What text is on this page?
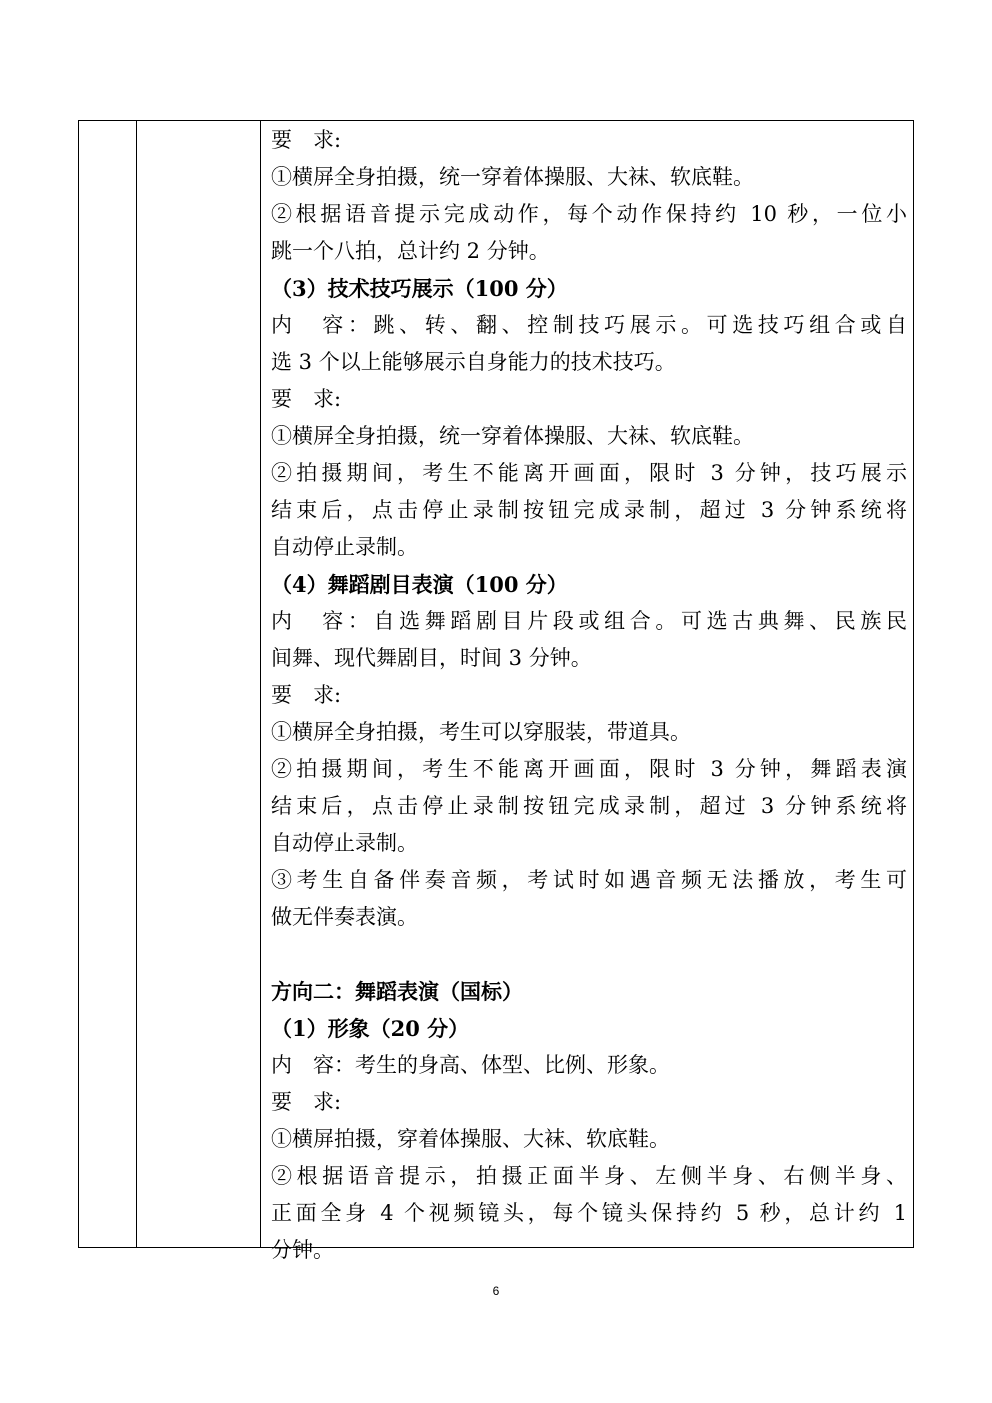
要　求:
①横屏全身拍摄，统一穿着体操服、大袜、软底鞋。
②根据语音提示完成动作，每个动作保持约 10 秒，一位小
跳一个八拍，总计约 2 分钟。
（3）技术技巧展示（100 分）
内　容：跳、转、翻、控制技巧展示。可选技巧组合或自
选 3 个以上能够展示自身能力的技术技巧。
要　求:
①横屏全身拍摄，统一穿着体操服、大袜、软底鞋。
②拍摄期间，考生不能离开画面，限时 3 分钟，技巧展示
结束后，点击停止录制按钮完成录制，超过 3 分钟系统将
自动停止录制。
（4）舞蹈剧目表演（100 分）
内　容：自选舞蹈剧目片段或组合。可选古典舞、民族民
间舞、现代舞剧目，时间 3 分钟。
要　求:
①横屏全身拍摄，考生可以穿服装，带道具。
②拍摄期间，考生不能离开画面，限时 3 分钟，舞蹈表演
结束后，点击停止录制按钮完成录制，超过 3 分钟系统将
自动停止录制。
③考生自备伴奏音频，考试时如遇音频无法播放，考生可
做无伴奏表演。
方向二：舞蹈表演（国标）
（1）形象（20 分）
内　容：考生的身高、体型、比例、形象。
要　求:
①横屏拍摄，穿着体操服、大袜、软底鞋。
②根据语音提示，拍摄正面半身、左侧半身、右侧半身、
正面全身 4 个视频镜头，每个镜头保持约 5 秒，总计约 1
分钟。
6
